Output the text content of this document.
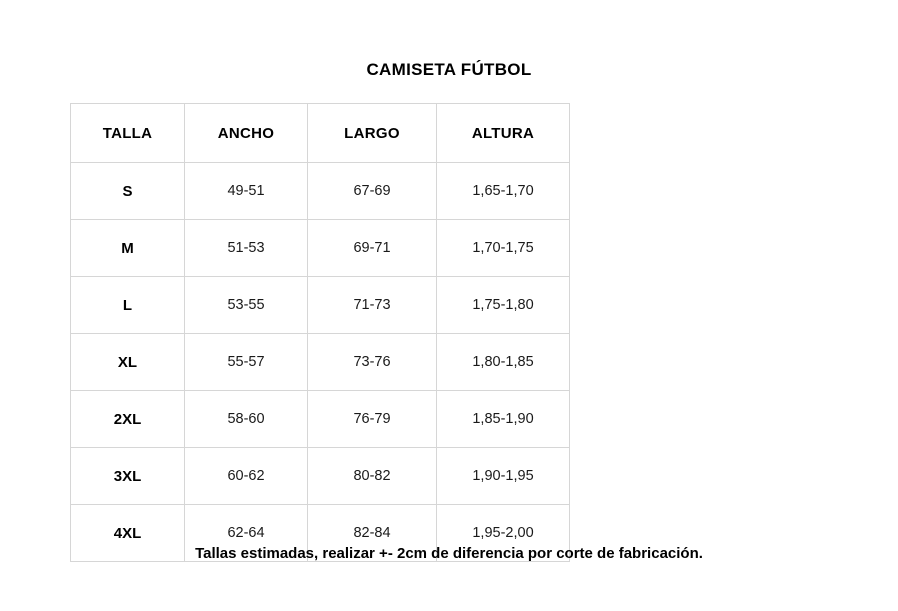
CAMISETA FÚTBOL
TALLA	ANCHO	LARGO	ALTURA
S	49-51	67-69	1,65-1,70
M	51-53	69-71	1,70-1,75
L	53-55	71-73	1,75-1,80
XL	55-57	73-76	1,80-1,85
2XL	58-60	76-79	1,85-1,90
3XL	60-62	80-82	1,90-1,95
4XL	62-64	82-84	1,95-2,00
Tallas estimadas, realizar +- 2cm de diferencia por corte de fabricación.
